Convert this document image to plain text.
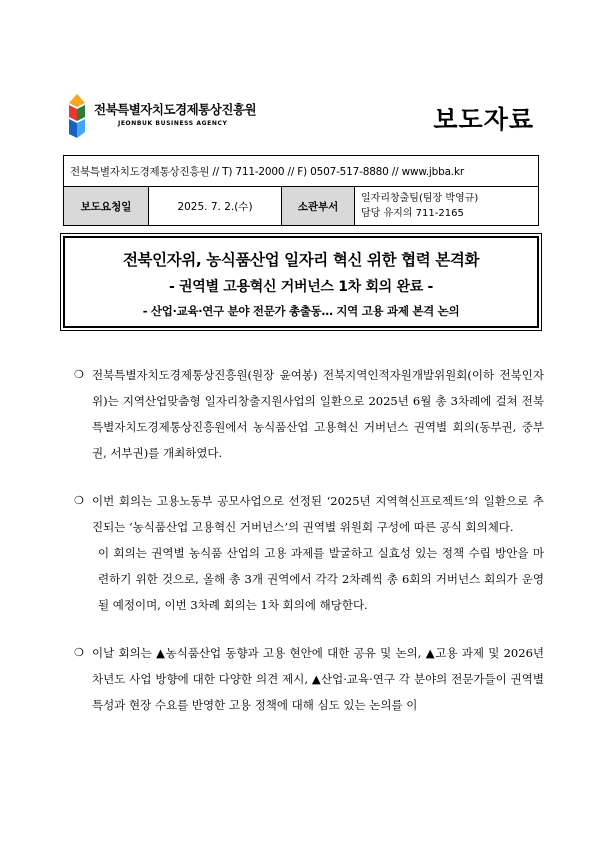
전북특별자치도경제통상진흥원
JEONBUK BUSINESS AGENCY	보도자료
전북특별자치도경제통상진흥원 // T) 711-2000 // F) 0507-517-8880 // www.jbba.kr
보도요청일	2025. 7. 2.(수)	소관부서	일자리창출팀(팀장 박영규)
담당 유지의 711-2165
전북인자위, 농식품산업 일자리 혁신 위한 협력 본격화
- 권역별 고용혁신 거버넌스 1차 회의 완료 -
- 산업·교육·연구 분야 전문가 총출동… 지역 고용 과제 본격 논의
❍ 전북특별자치도경제통상진흥원(원장 윤여봉) 전북지역인적자원개발위원회(이하 전북인자위)는 지역산업맞춤형 일자리창출지원사업의 일환으로 2025년 6월 총 3차례에 걸쳐 전북특별자치도경제통상진흥원에서 농식품산업 고용혁신 거버넌스 권역별 회의(동부권, 중부권, 서부권)를 개최하였다.
❍ 이번 회의는 고용노동부 공모사업으로 선정된 ‘2025년 지역혁신프로젝트’의 일환으로 추진되는 ‘농식품산업 고용혁신 거버넌스’의 권역별 위원회 구성에 따른 공식 회의체다.
이 회의는 권역별 농식품 산업의 고용 과제를 발굴하고 실효성 있는 정책 수립 방안을 마련하기 위한 것으로, 올해 총 3개 권역에서 각각 2차례씩 총 6회의 거버넌스 회의가 운영될 예정이며, 이번 3차례 회의는 1차 회의에 해당한다.
❍ 이날 회의는 ▲농식품산업 동향과 고용 현안에 대한 공유 및 논의, ▲고용 과제 및 2026년 차년도 사업 방향에 대한 다양한 의견 제시, ▲산업·교육·연구 각 분야의 전문가들이 권역별 특성과 현장 수요를 반영한 고용 정책에 대해 심도 있는 논의를 이
